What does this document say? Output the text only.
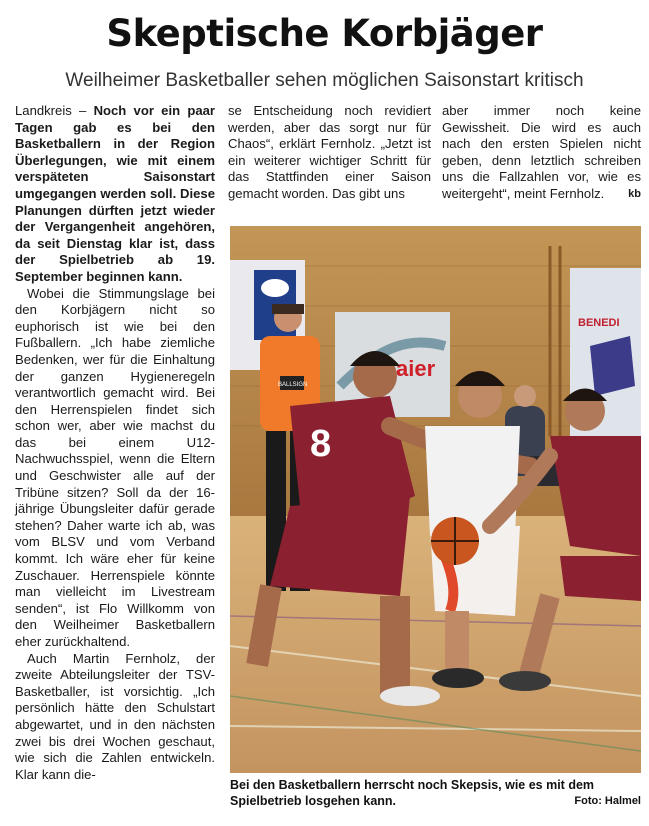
Skeptische Korbjäger
Weilheimer Basketballer sehen möglichen Saisonstart kritisch

Landkreis – Noch vor ein paar Tagen gab es bei den Basketballern in der Region Überlegungen, wie mit einem verspäteten Saisonstart umgegangen werden soll. Diese Planungen dürften jetzt wieder der Vergangenheit angehören, da seit Dienstag klar ist, dass der Spielbetrieb ab 19. September beginnen kann.

Wobei die Stimmungslage bei den Korbjägern nicht so euphorisch ist wie bei den Fußballern. „Ich habe ziemliche Bedenken, wer für die Einhaltung der ganzen Hygieneregeln verantwortlich gemacht wird. Bei den Herrenspielen findet sich schon wer, aber wie machst du das bei einem U12-Nachwuchsspiel, wenn die Eltern und Geschwister alle auf der Tribüne sitzen? Soll da der 16-jährige Übungsleiter dafür gerade stehen? Daher warte ich ab, was vom BLSV und vom Verband kommt. Ich wäre eher für keine Zuschauer. Herrenspiele könnte man vielleicht im Livestream senden“, ist Flo Willkomm von den Weilheimer Basketballern eher zurückhaltend.

Auch Martin Fernholz, der zweite Abteilungsleiter der TSV-Basketballer, ist vorsichtig. „Ich persönlich hätte den Schulstart abgewartet, und in den nächsten zwei bis drei Wochen geschaut, wie sich die Zahlen entwickeln. Klar kann die-

se Entscheidung noch revidiert werden, aber das sorgt nur für Chaos“, erklärt Fernholz. „Jetzt ist ein weiterer wichtiger Schritt für das Stattfinden einer Saison gemacht worden. Das gibt uns

aber immer noch keine Gewissheit. Die wird es auch nach den ersten Spielen nicht geben, denn letztlich schreiben uns die Fallzahlen vor, wie es weitergeht“, meint Fernholz. kb

aier
BENEDI
BALLSIGN
8
Bei den Basketballern herrscht noch Skepsis, wie es mit dem Spielbetrieb losgehen kann.	Foto: Halmel
